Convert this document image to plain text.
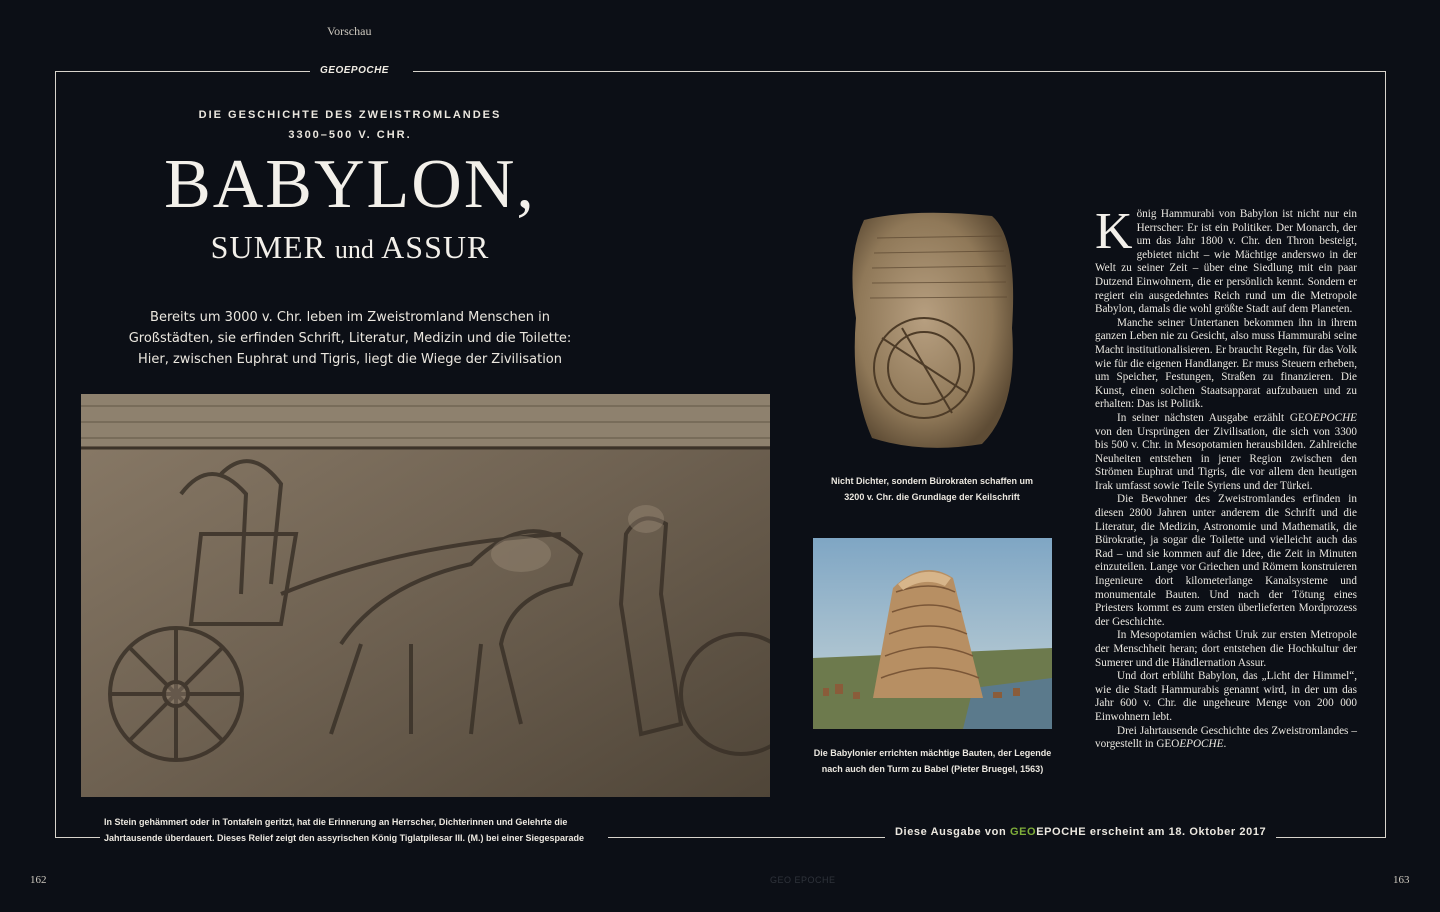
Vorschau
GEOEPOCHE
DIE GESCHICHTE DES ZWEISTROMLANDES
3300–500 V. CHR.
BABYLON,
SUMER und ASSUR
Bereits um 3000 v. Chr. leben im Zweistromland Menschen in
Großstädten, sie erfinden Schrift, Literatur, Medizin und die Toilette:
Hier, zwischen Euphrat und Tigris, liegt die Wiege der Zivilisation
In Stein gehämmert oder in Tontafeln geritzt, hat die Erinnerung an Herrscher, Dichterinnen und Gelehrte die
Jahrtausende überdauert. Dieses Relief zeigt den assyrischen König Tiglatpilesar III. (M.) bei einer Siegesparade
Nicht Dichter, sondern Bürokraten schaffen um
3200 v. Chr. die Grundlage der Keilschrift
Die Babylonier errichten mächtige Bauten, der Legende
nach auch den Turm zu Babel (Pieter Bruegel, 1563)

König Hammurabi von Babylon ist nicht nur ein Herrscher: Er ist ein Politiker. Der Monarch, der um das Jahr 1800 v. Chr. den Thron besteigt, gebietet nicht – wie Mächtige anderswo in der Welt zu seiner Zeit – über eine Siedlung mit ein paar Dutzend Einwohnern, die er persönlich kennt. Sondern er regiert ein ausgedehntes Reich rund um die Metropole Babylon, damals die wohl größte Stadt auf dem Planeten.

Manche seiner Untertanen bekommen ihn in ihrem ganzen Leben nie zu Gesicht, also muss Hammurabi seine Macht institutionalisieren. Er braucht Regeln, für das Volk wie für die eigenen Handlanger. Er muss Steuern erheben, um Speicher, Festungen, Straßen zu finanzieren. Die Kunst, einen solchen Staatsapparat aufzubauen und zu erhalten: Das ist Politik.

In seiner nächsten Ausgabe erzählt GEOEPOCHE von den Ursprüngen der Zivilisation, die sich von 3300 bis 500 v. Chr. in Mesopotamien herausbilden. Zahlreiche Neuheiten entstehen in jener Region zwischen den Strömen Euphrat und Tigris, die vor allem den heutigen Irak umfasst sowie Teile Syriens und der Türkei.

Die Bewohner des Zweistromlandes erfinden in diesen 2800 Jahren unter anderem die Schrift und die Literatur, die Medizin, Astronomie und Mathematik, die Bürokratie, ja sogar die Toilette und vielleicht auch das Rad – und sie kommen auf die Idee, die Zeit in Minuten einzuteilen. Lange vor Griechen und Römern konstruieren Ingenieure dort kilometerlange Kanalsysteme und monumentale Bauten. Und nach der Tötung eines Priesters kommt es zum ersten überlieferten Mordprozess der Geschichte.

In Mesopotamien wächst Uruk zur ersten Metropole der Menschheit heran; dort entstehen die Hochkultur der Sumerer und die Händlernation Assur.

Und dort erblüht Babylon, das „Licht der Himmel“, wie die Stadt Hammurabis genannt wird, in der um das Jahr 600 v. Chr. die ungeheure Menge von 200 000 Einwohnern lebt.

Drei Jahrtausende Geschichte des Zweistromlandes – vorgestellt in GEOEPOCHE.

Diese Ausgabe von GEOEPOCHE erscheint am 18. Oktober 2017
162	163
GEO EPOCHE
